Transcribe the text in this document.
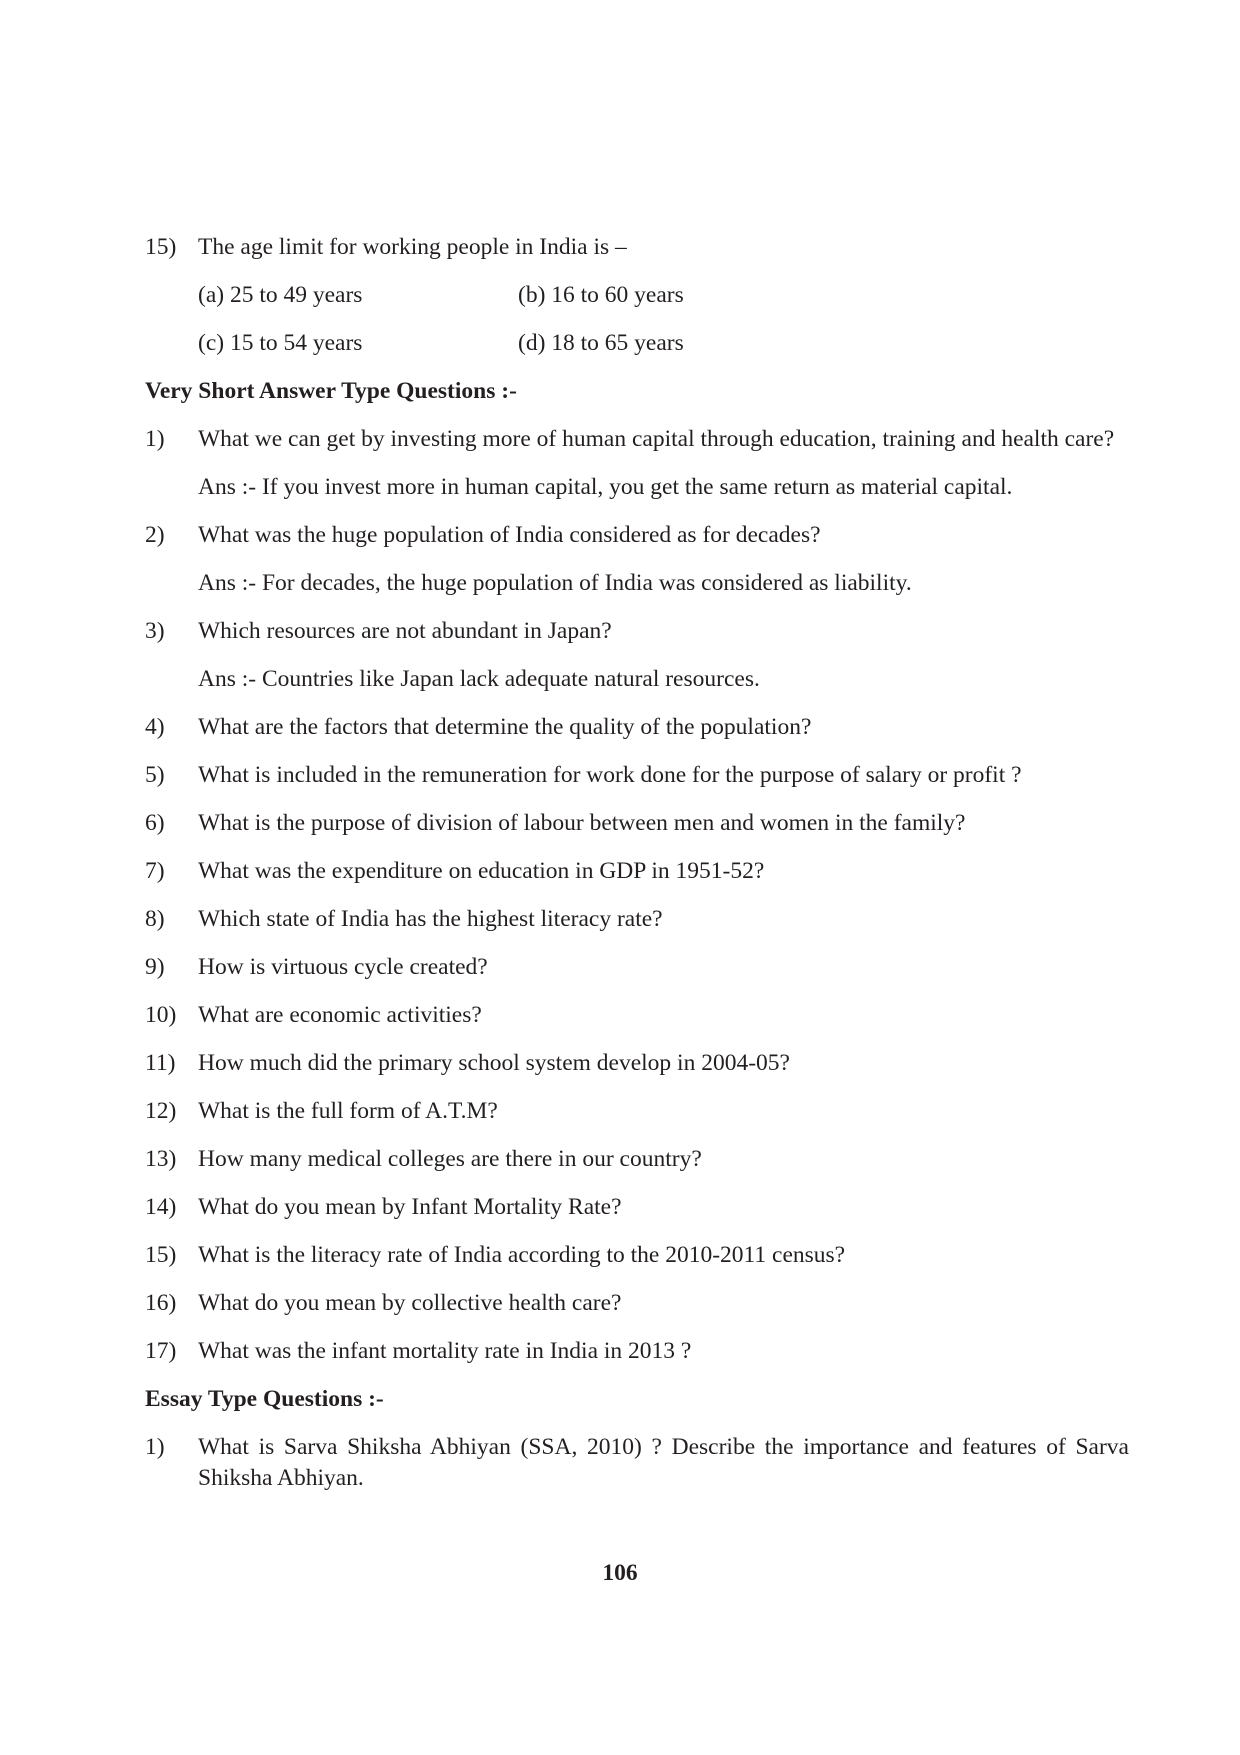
15) The age limit for working people in India is –
(a) 25 to 49 years	(b) 16 to 60 years
(c) 15 to 54 years	(d) 18 to 65 years
Very Short Answer Type Questions :-
1)	What we can get by investing more of human capital through education, training and health care?
Ans :- If you invest more in human capital, you get the same return as material capital.
2)	What was the huge population of India considered as for decades?
Ans :- For decades, the huge population of India was considered as liability.
3)	Which resources are not abundant in Japan?
Ans :- Countries like Japan lack adequate natural resources.
4)	What are the factors that determine the quality of the population?
5)	What is included in the remuneration for work done for the purpose of salary or profit ?
6)	What is the purpose of division of labour between men and women in the family?
7)	What was the expenditure on education in GDP in 1951-52?
8)	Which state of India has the highest literacy rate?
9)	How is virtuous cycle created?
10) What are economic activities?
11) How much did the primary school system develop in 2004-05?
12) What is the full form of A.T.M?
13) How many medical colleges are there in our country?
14) What do you mean by Infant Mortality Rate?
15) What is the literacy rate of India according to the 2010-2011 census?
16) What do you mean by collective health care?
17) What was the infant mortality rate in India in 2013 ?
Essay Type Questions :-
1)	What is Sarva Shiksha Abhiyan (SSA, 2010) ? Describe the importance and features of Sarva Shiksha Abhiyan.
106
